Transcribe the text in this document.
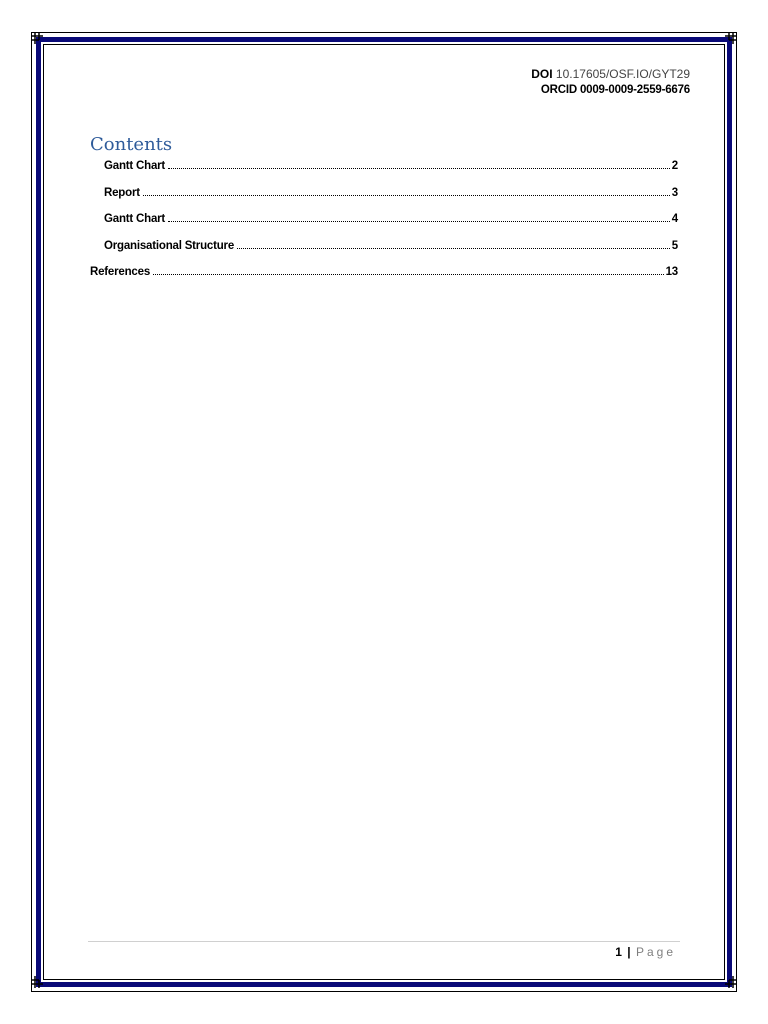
DOI 10.17605/OSF.IO/GYT29
ORCID 0009-0009-2559-6676
Contents
Gantt Chart	2
Report	3
Gantt Chart	4
Organisational Structure	5
References	13
1 | Page
